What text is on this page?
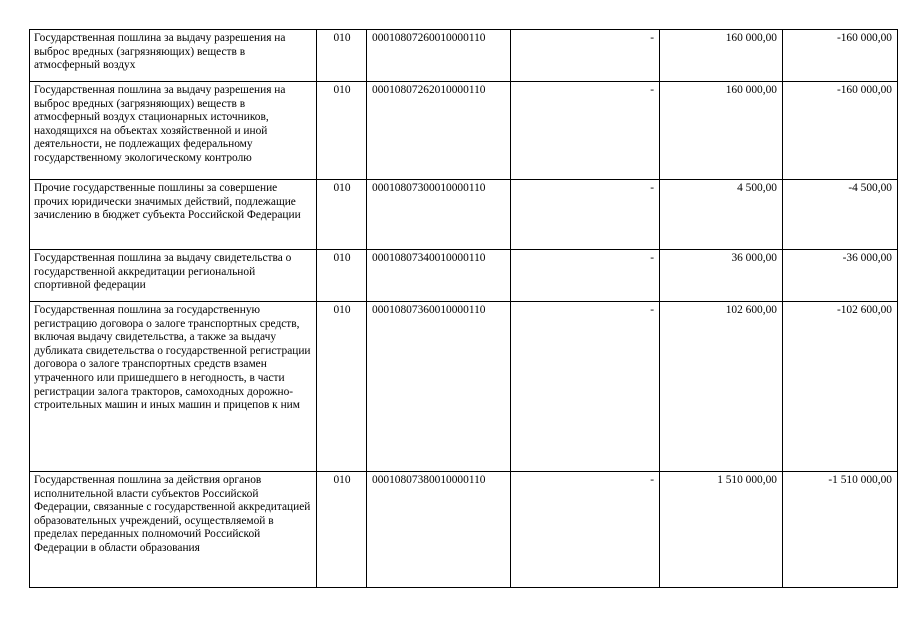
Государственная пошлина за выдачу разрешения на выброс вредных (загрязняющих) веществ в атмосферный воздух	010	00010807260010000110	-	160 000,00	-160 000,00
Государственная пошлина за выдачу разрешения на выброс вредных (загрязняющих) веществ в атмосферный воздух стационарных источников, находящихся на объектах хозяйственной и иной деятельности, не подлежащих федеральному государственному экологическому контролю	010	00010807262010000110	-	160 000,00	-160 000,00
Прочие государственные пошлины за совершение прочих юридически значимых действий, подлежащие зачислению в бюджет субъекта Российской Федерации	010	00010807300010000110	-	4 500,00	-4 500,00
Государственная пошлина за выдачу свидетельства о государственной аккредитации региональной спортивной федерации	010	00010807340010000110	-	36 000,00	-36 000,00
Государственная пошлина за государственную регистрацию договора о залоге транспортных средств, включая выдачу свидетельства, а также за выдачу дубликата свидетельства о государственной регистрации договора о залоге транспортных средств взамен утраченного или пришедшего в негодность, в части регистрации залога тракторов, самоходных дорожно-строительных машин и иных машин и прицепов к ним	010	00010807360010000110	-	102 600,00	-102 600,00
Государственная пошлина за действия органов исполнительной власти субъектов Российской Федерации, связанные с государственной аккредитацией образовательных учреждений, осуществляемой в пределах переданных полномочий Российской Федерации в области образования	010	00010807380010000110	-	1 510 000,00	-1 510 000,00
